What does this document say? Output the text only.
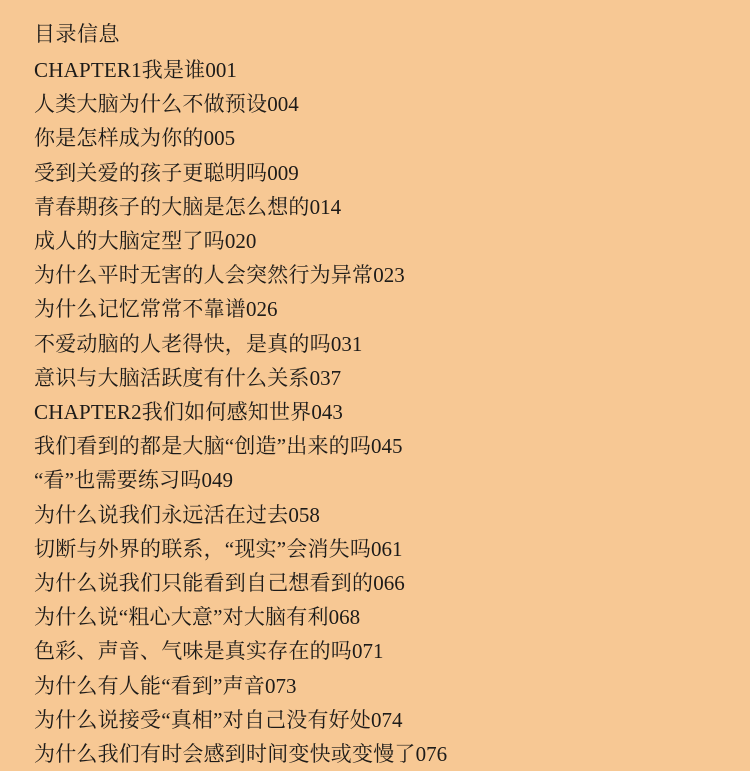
目录信息
CHAPTER1我是谁001
人类大脑为什么不做预设004
你是怎样成为你的005
受到关爱的孩子更聪明吗009
青春期孩子的大脑是怎么想的014
成人的大脑定型了吗020
为什么平时无害的人会突然行为异常023
为什么记忆常常不靠谱026
不爱动脑的人老得快，是真的吗031
意识与大脑活跃度有什么关系037
CHAPTER2我们如何感知世界043
我们看到的都是大脑“创造”出来的吗045
“看”也需要练习吗049
为什么说我们永远活在过去058
切断与外界的联系，“现实”会消失吗061
为什么说我们只能看到自己想看到的066
为什么说“粗心大意”对大脑有利068
色彩、声音、气味是真实存在的吗071
为什么有人能“看到”声音073
为什么说接受“真相”对自己没有好处074
为什么我们有时会感到时间变快或变慢了076
